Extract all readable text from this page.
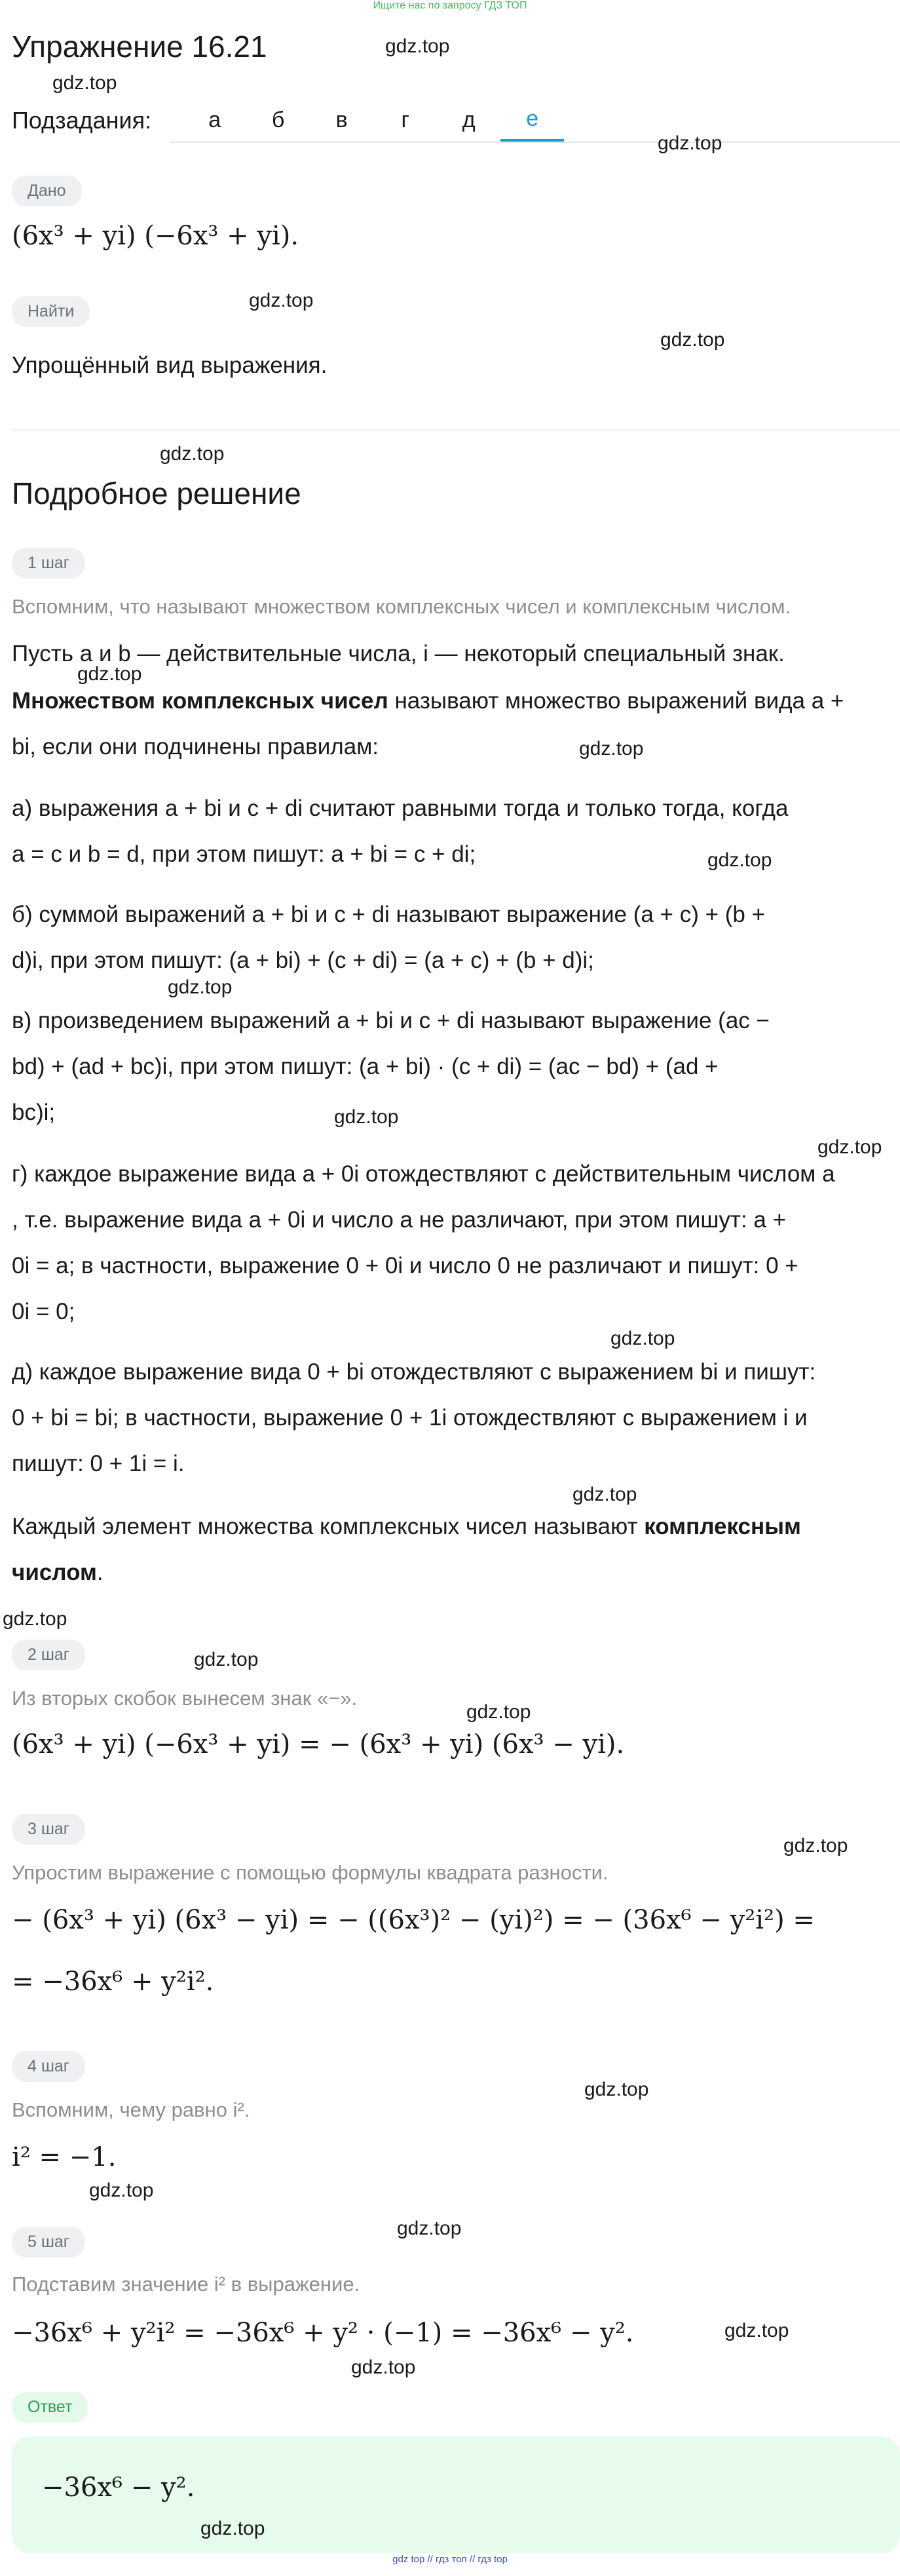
Ищите нас по запросу ГДЗ ТОП
Упражнение 16.21
Подзадания:	а	б	в	г	д	е
Дано
(6x³ + yi) (−6x³ + yi).
Найти
Упрощённый вид выражения.
Подробное решение
1 шаг
Вспомним, что называют множеством комплексных чисел и комплексным числом.
Пусть a и b — действительные числа, i — некоторый специальный знак.
Множеством комплексных чисел называют множество выражений вида a +
bi, если они подчинены правилам:
а) выражения a + bi и c + di считают равными тогда и только тогда, когда
a = c и b = d, при этом пишут: a + bi = c + di;
б) суммой выражений a + bi и c + di называют выражение (a + c) + (b +
d)i, при этом пишут: (a + bi) + (c + di) = (a + c) + (b + d)i;
в) произведением выражений a + bi и c + di называют выражение (ac −
bd) + (ad + bc)i, при этом пишут: (a + bi) · (c + di) = (ac − bd) + (ad +
bc)i;
г) каждое выражение вида a + 0i отождествляют с действительным числом a
, т.е. выражение вида a + 0i и число a не различают, при этом пишут: a +
0i = a; в частности, выражение 0 + 0i и число 0 не различают и пишут: 0 +
0i = 0;
д) каждое выражение вида 0 + bi отождествляют с выражением bi и пишут:
0 + bi = bi; в частности, выражение 0 + 1i отождествляют с выражением i и
пишут: 0 + 1i = i.
Каждый элемент множества комплексных чисел называют комплексным
числом.
2 шаг
Из вторых скобок вынесем знак «−».
(6x³ + yi) (−6x³ + yi) = − (6x³ + yi) (6x³ − yi).
3 шаг
Упростим выражение с помощью формулы квадрата разности.
− (6x³ + yi) (6x³ − yi) = − ((6x³)² − (yi)²) = − (36x⁶ − y²i²) =
= −36x⁶ + y²i².
4 шаг
Вспомним, чему равно i².
i² = −1.
5 шаг
Подставим значение i² в выражение.
−36x⁶ + y²i² = −36x⁶ + y² · (−1) = −36x⁶ − y².
Ответ
−36x⁶ − y².
gdz.top
gdz.top
gdz.top
gdz.top
gdz.top
gdz.top
gdz.top
gdz.top
gdz.top
gdz.top
gdz.top
gdz.top
gdz.top
gdz.top
gdz.top
gdz.top
gdz.top
gdz.top
gdz.top
gdz.top
gdz.top
gdz.top
gdz.top
gdz.top
gdz top // гдз топ // гдз top
